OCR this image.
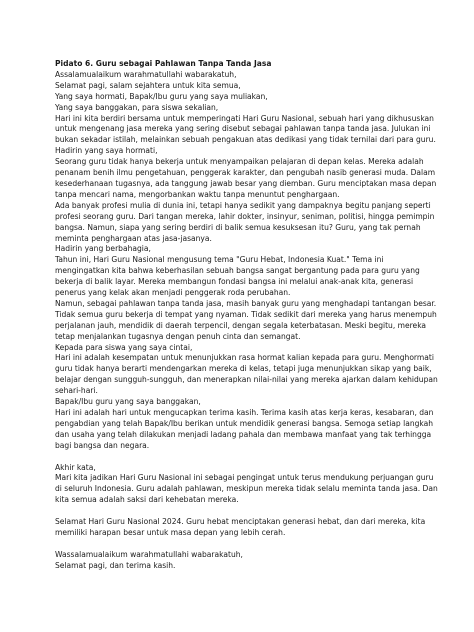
Pidato 6. Guru sebagai Pahlawan Tanpa Tanda Jasa

Assalamualaikum warahmatullahi wabarakatuh,

Selamat pagi, salam sejahtera untuk kita semua,

Yang saya hormati, Bapak/Ibu guru yang saya muliakan,

Yang saya banggakan, para siswa sekalian,

Hari ini kita berdiri bersama untuk memperingati Hari Guru Nasional, sebuah hari yang dikhususkan

untuk mengenang jasa mereka yang sering disebut sebagai pahlawan tanpa tanda jasa. Julukan ini

bukan sekadar istilah, melainkan sebuah pengakuan atas dedikasi yang tidak ternilai dari para guru.

Hadirin yang saya hormati,

Seorang guru tidak hanya bekerja untuk menyampaikan pelajaran di depan kelas. Mereka adalah

penanam benih ilmu pengetahuan, penggerak karakter, dan pengubah nasib generasi muda. Dalam

kesederhanaan tugasnya, ada tanggung jawab besar yang diemban. Guru menciptakan masa depan

tanpa mencari nama, mengorbankan waktu tanpa menuntut penghargaan.

Ada banyak profesi mulia di dunia ini, tetapi hanya sedikit yang dampaknya begitu panjang seperti

profesi seorang guru. Dari tangan mereka, lahir dokter, insinyur, seniman, politisi, hingga pemimpin

bangsa. Namun, siapa yang sering berdiri di balik semua kesuksesan itu? Guru, yang tak pernah

meminta penghargaan atas jasa-jasanya.

Hadirin yang berbahagia,

Tahun ini, Hari Guru Nasional mengusung tema "Guru Hebat, Indonesia Kuat." Tema ini

mengingatkan kita bahwa keberhasilan sebuah bangsa sangat bergantung pada para guru yang

bekerja di balik layar. Mereka membangun fondasi bangsa ini melalui anak-anak kita, generasi

penerus yang kelak akan menjadi penggerak roda perubahan.

Namun, sebagai pahlawan tanpa tanda jasa, masih banyak guru yang menghadapi tantangan besar.

Tidak semua guru bekerja di tempat yang nyaman. Tidak sedikit dari mereka yang harus menempuh

perjalanan jauh, mendidik di daerah terpencil, dengan segala keterbatasan. Meski begitu, mereka

tetap menjalankan tugasnya dengan penuh cinta dan semangat.

Kepada para siswa yang saya cintai,

Hari ini adalah kesempatan untuk menunjukkan rasa hormat kalian kepada para guru. Menghormati

guru tidak hanya berarti mendengarkan mereka di kelas, tetapi juga menunjukkan sikap yang baik,

belajar dengan sungguh-sungguh, dan menerapkan nilai-nilai yang mereka ajarkan dalam kehidupan

sehari-hari.

Bapak/Ibu guru yang saya banggakan,

Hari ini adalah hari untuk mengucapkan terima kasih. Terima kasih atas kerja keras, kesabaran, dan

pengabdian yang telah Bapak/Ibu berikan untuk mendidik generasi bangsa. Semoga setiap langkah

dan usaha yang telah dilakukan menjadi ladang pahala dan membawa manfaat yang tak terhingga

bagi bangsa dan negara.

Akhir kata,

Mari kita jadikan Hari Guru Nasional ini sebagai pengingat untuk terus mendukung perjuangan guru

di seluruh Indonesia. Guru adalah pahlawan, meskipun mereka tidak selalu meminta tanda jasa. Dan

kita semua adalah saksi dari kehebatan mereka.

Selamat Hari Guru Nasional 2024. Guru hebat menciptakan generasi hebat, dan dari mereka, kita

memiliki harapan besar untuk masa depan yang lebih cerah.

Wassalamualaikum warahmatullahi wabarakatuh,

Selamat pagi, dan terima kasih.
